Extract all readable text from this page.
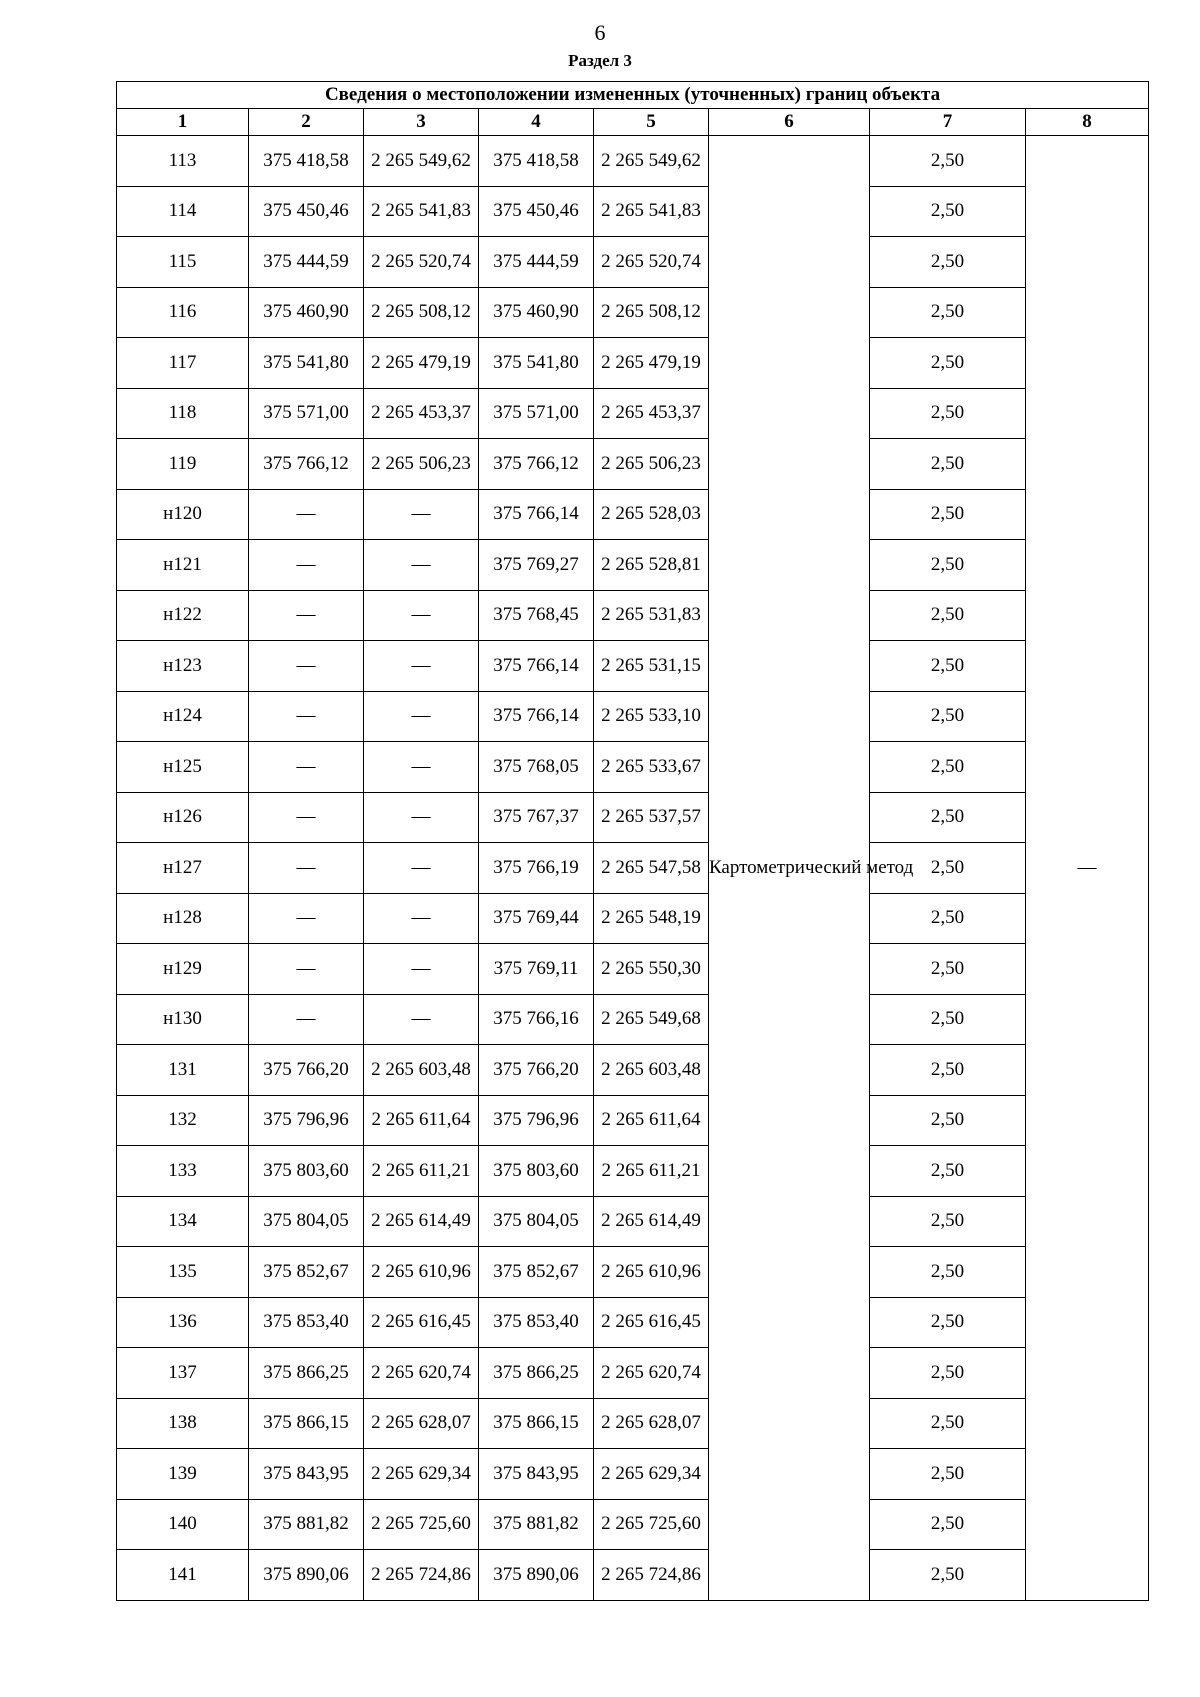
6
Раздел 3
Сведения о местоположении измененных (уточненных) границ объекта							
1	2	3	4	5	6	7	8
113	375 418,58	2 265 549,62	375 418,58	2 265 549,62	Картометрический метод	2,50	—
114	375 450,46	2 265 541,83	375 450,46	2 265 541,83		2,50	
115	375 444,59	2 265 520,74	375 444,59	2 265 520,74		2,50	
116	375 460,90	2 265 508,12	375 460,90	2 265 508,12		2,50	
117	375 541,80	2 265 479,19	375 541,80	2 265 479,19		2,50	
118	375 571,00	2 265 453,37	375 571,00	2 265 453,37		2,50	
119	375 766,12	2 265 506,23	375 766,12	2 265 506,23		2,50	
н120	—	—	375 766,14	2 265 528,03		2,50	
н121	—	—	375 769,27	2 265 528,81		2,50	
н122	—	—	375 768,45	2 265 531,83		2,50	
н123	—	—	375 766,14	2 265 531,15		2,50	
н124	—	—	375 766,14	2 265 533,10		2,50	
н125	—	—	375 768,05	2 265 533,67		2,50	
н126	—	—	375 767,37	2 265 537,57		2,50	
н127	—	—	375 766,19	2 265 547,58		2,50	
н128	—	—	375 769,44	2 265 548,19		2,50	
н129	—	—	375 769,11	2 265 550,30		2,50	
н130	—	—	375 766,16	2 265 549,68		2,50	
131	375 766,20	2 265 603,48	375 766,20	2 265 603,48		2,50	
132	375 796,96	2 265 611,64	375 796,96	2 265 611,64		2,50	
133	375 803,60	2 265 611,21	375 803,60	2 265 611,21		2,50	
134	375 804,05	2 265 614,49	375 804,05	2 265 614,49		2,50	
135	375 852,67	2 265 610,96	375 852,67	2 265 610,96		2,50	
136	375 853,40	2 265 616,45	375 853,40	2 265 616,45		2,50	
137	375 866,25	2 265 620,74	375 866,25	2 265 620,74		2,50	
138	375 866,15	2 265 628,07	375 866,15	2 265 628,07		2,50	
139	375 843,95	2 265 629,34	375 843,95	2 265 629,34		2,50	
140	375 881,82	2 265 725,60	375 881,82	2 265 725,60		2,50	
141	375 890,06	2 265 724,86	375 890,06	2 265 724,86		2,50	
